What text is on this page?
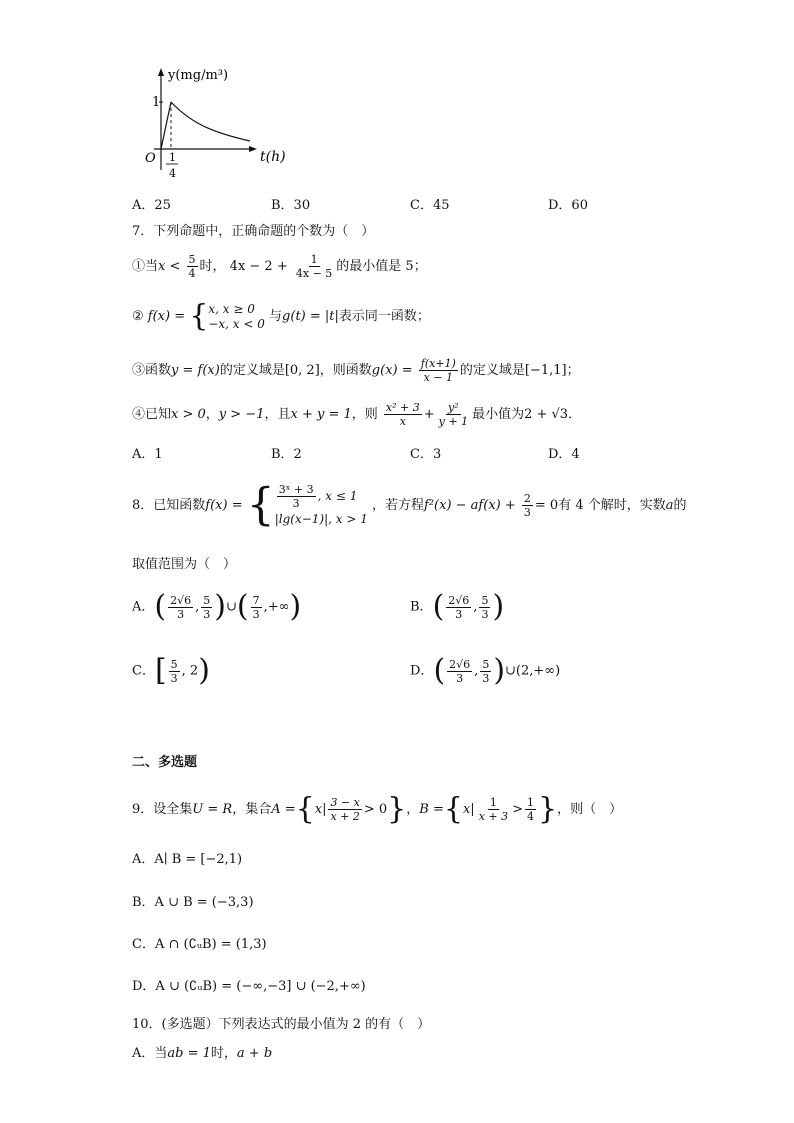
1
y(mg/m³)
O 1
4
t(h)
A．25	B．30	C．45	D．60
7．下列命题中，正确命题的个数为（　）
①当$x < \frac{5}{4}$ 时， $4x - 2 + \frac{1}{4x - 5}$ 的最小值是 5；
② f(x) = { x, x ≥ 0
−x, x < 0 与g(t) = |t|表示同一函数；
③函数y = f(x)的定义域是[0, 2]，则函数$g(x) = \frac{f(x+1)}{x - 1}$ 的定义域是[−1,1]；
④已知x > 0，y > −1，且x + y = 1，则 $\frac{\text{x² + 3}}{x} + \frac{\text{y²}}{y + 1}$ 最小值为2 + √3．
A．1	B．2	C．3	D．4
8．已知函数f(x) = { $\frac{\text{3ˣ + 3}}{3}$ , x ≤ 1
|lg(x−1)|, x > 1
，若方程$f^2(x) - af(x) + \frac{2}{3} = 0$有 4 个解时，实数a的
取值范围为（　）
A．( $\frac{2√6}{3}$ , $\frac{5}{3}$ )∪( $\frac{7}{3}$ ,+∞)	B．( $\frac{2√6}{3}$ , $\frac{5}{3}$ )
C．[ $\frac{5}{3}$ , 2)	D．( $\frac{2√6}{3}$ , $\frac{5}{3}$ )∪(2,+∞)
二、多选题
9．设全集U = R，集合$A =\{x| \frac{3 - x}{x + 2} > 0\}$，$B =\{x| \frac{1}{x + 3} > \frac{1}{4}$ }，则（　）
A．A∣ B = [−2,1)
B．A ∪ B = (−3,3)
C．A ∩ (∁ᵤB) = (1,3)
D．A ∪ (∁ᵤB) = (−∞,−3] ∪ (−2,+∞)
10．(多选题）下列表达式的最小值为 2 的有（　）
A．当ab = 1时，a + b
